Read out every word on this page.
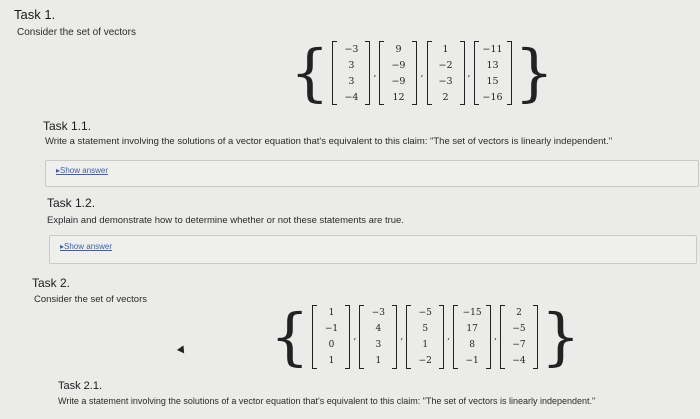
Task 1.
Consider the set of vectors
{	−3
3
3
−4
,
9
−9
−9
12
,
1
−2
−3
2
,
−11
13
15
−16 }
Task 1.1.
Write a statement involving the solutions of a vector equation that's equivalent to this claim: "The set of vectors is linearly independent."
▸Show answer
Task 1.2.
Explain and demonstrate how to determine whether or not these statements are true.
▸Show answer
Task 2.
Consider the set of vectors
{	1
−1
0
1
,
−3
4
3
1
,
−5
5
1
−2
,
−15
17
8
−1
,
2
−5
−7
−4 }
Task 2.1.
Write a statement involving the solutions of a vector equation that's equivalent to this claim: "The set of vectors is linearly independent."
